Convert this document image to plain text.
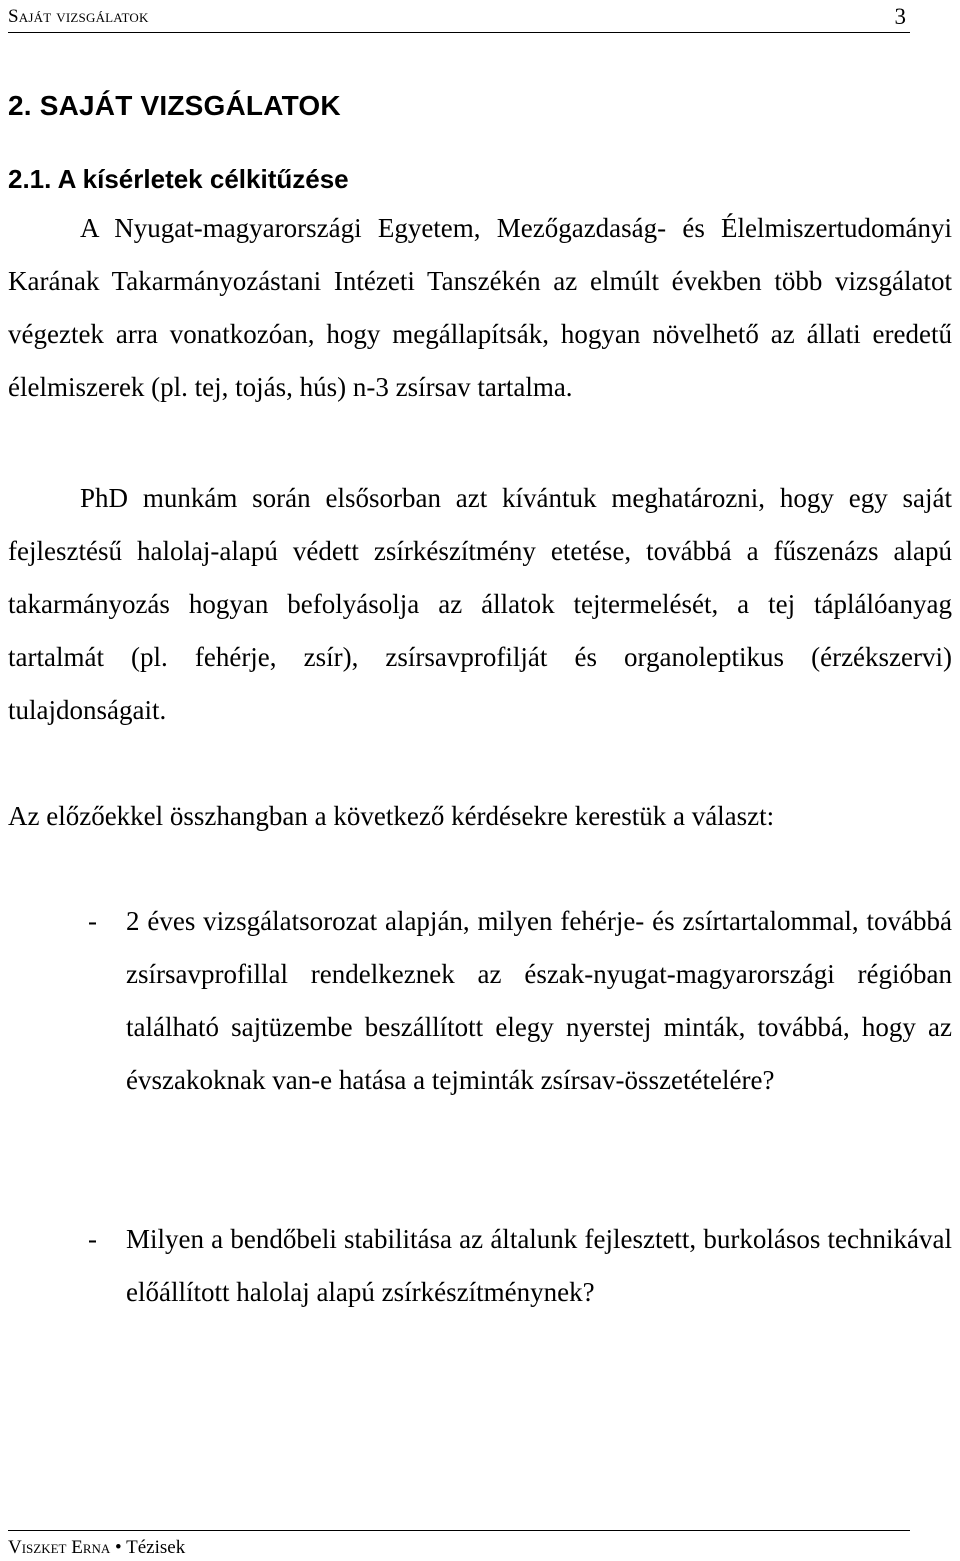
Saját vizsgálatok	3
2. SAJÁT VIZSGÁLATOK
2.1. A kísérletek célkitűzése

A Nyugat-magyarországi Egyetem, Mezőgazdaság- és Élelmiszertudományi Karának Takarmányozástani Intézeti Tanszékén az elmúlt években több vizsgálatot végeztek arra vonatkozóan, hogy megállapítsák, hogyan növelhető az állati eredetű élelmiszerek (pl. tej, tojás, hús) n-3 zsírsav tartalma.

PhD munkám során elsősorban azt kívántuk meghatározni, hogy egy saját fejlesztésű halolaj-alapú védett zsírkészítmény etetése, továbbá a fűszenázs alapú takarmányozás hogyan befolyásolja az állatok tejtermelését, a tej táplálóanyag tartalmát (pl. fehérje, zsír), zsírsavprofilját és organoleptikus (érzékszervi) tulajdonságait.

Az előzőekkel összhangban a következő kérdésekre kerestük a választ:

- 2 éves vizsgálatsorozat alapján, milyen fehérje- és zsírtartalommal, továbbá zsírsavprofillal rendelkeznek az észak-nyugat-magyarországi régióban található sajtüzembe beszállított elegy nyerstej minták, továbbá, hogy az évszakoknak van-e hatása a tejminták zsírsav-összetételére?
- Milyen a bendőbeli stabilitása az általunk fejlesztett, burkolásos technikával előállított halolaj alapú zsírkészítménynek?
Viszket Erna • Tézisek
